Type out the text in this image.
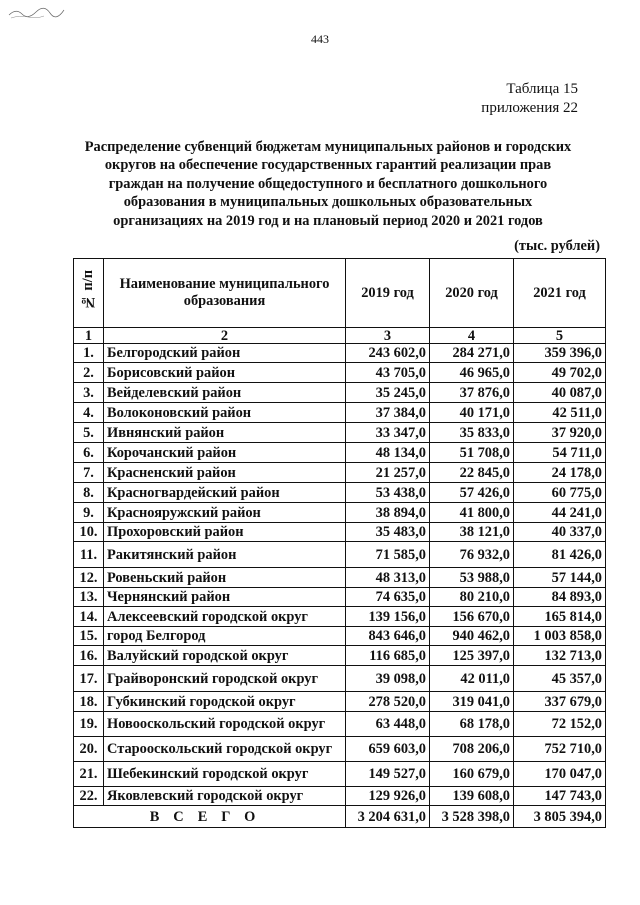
443
Таблица 15
приложения 22
Распределение субвенций бюджетам муниципальных районов и городских
округов на обеспечение государственных гарантий реализации прав
граждан на получение общедоступного и бесплатного дошкольного
образования в муниципальных дошкольных образовательных
организациях на 2019 год и на плановый период 2020 и 2021 годов
(тыс. рублей)
№ п/п	Наименование муниципального образования	2019 год	2020 год	2021 год
1	2	3	4	5
1.	Белгородский район	243 602,0	284 271,0	359 396,0
2.	Борисовский район	43 705,0	46 965,0	49 702,0
3.	Вейделевский район	35 245,0	37 876,0	40 087,0
4.	Волоконовский район	37 384,0	40 171,0	42 511,0
5.	Ивнянский район	33 347,0	35 833,0	37 920,0
6.	Корочанский район	48 134,0	51 708,0	54 711,0
7.	Красненский район	21 257,0	22 845,0	24 178,0
8.	Красногвардейский район	53 438,0	57 426,0	60 775,0
9.	Краснояружский район	38 894,0	41 800,0	44 241,0
10.	Прохоровский район	35 483,0	38 121,0	40 337,0
11.	Ракитянский район	71 585,0	76 932,0	81 426,0
12.	Ровеньский район	48 313,0	53 988,0	57 144,0
13.	Чернянский район	74 635,0	80 210,0	84 893,0
14.	Алексеевский городской округ	139 156,0	156 670,0	165 814,0
15.	город Белгород	843 646,0	940 462,0	1 003 858,0
16.	Валуйский городской округ	116 685,0	125 397,0	132 713,0
17.	Грайворонский городской округ	39 098,0	42 011,0	45 357,0
18.	Губкинский городской округ	278 520,0	319 041,0	337 679,0
19.	Новооскольский городской округ	63 448,0	68 178,0	72 152,0
20.	Старооскольский городской округ	659 603,0	708 206,0	752 710,0
21.	Шебекинский городской округ	149 527,0	160 679,0	170 047,0
22.	Яковлевский городской округ	129 926,0	139 608,0	147 743,0
ВСЕГО		3 204 631,0	3 528 398,0	3 805 394,0
